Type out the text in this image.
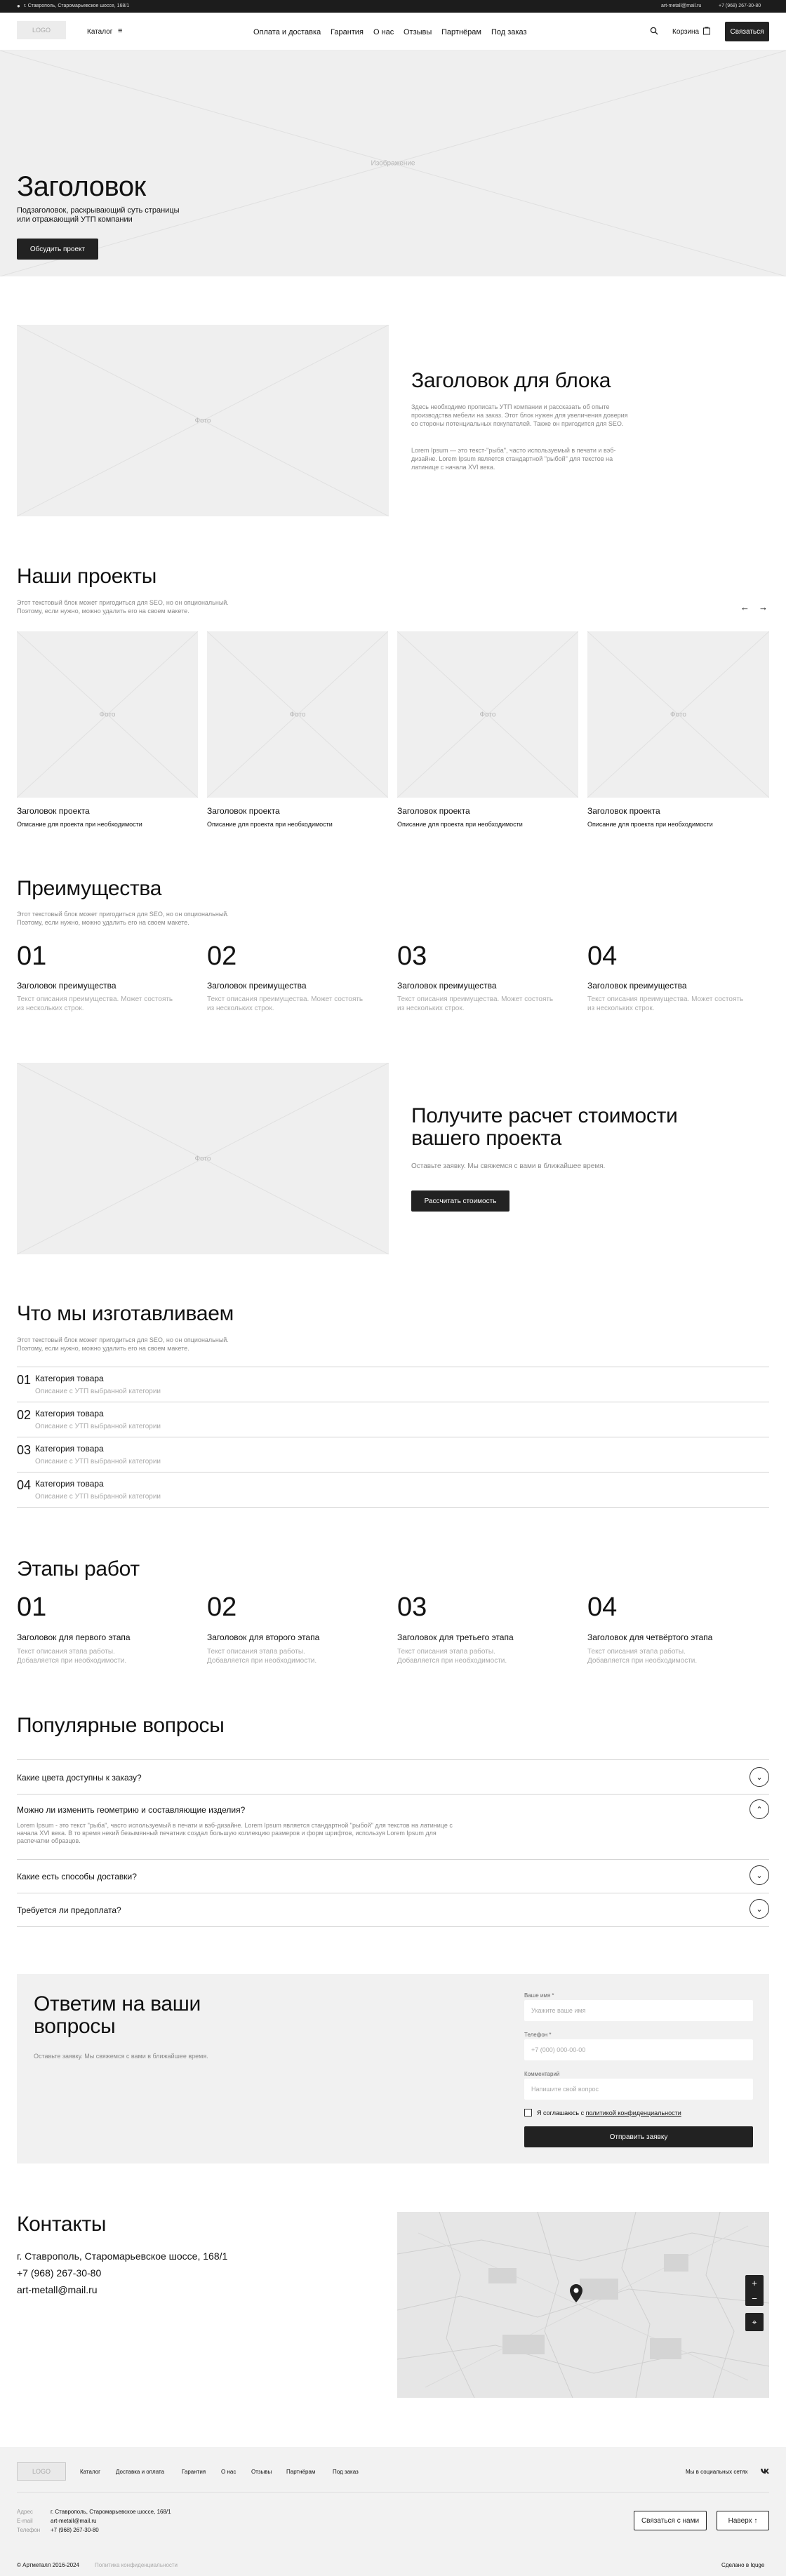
● г. Ставрополь, Старомарьевское шоссе, 168/1	art-metall@mail.ru	+7 (968) 267-30-80
LOGO	Каталог ≡	Оплата и доставка Гарантия О нас Отзывы Партнёрам Под заказ	Корзина	Связаться
Изображение
Заголовок
Подзаголовок, раскрывающий суть страницы
или отражающий УТП компании
Обсудить проект
Фото
Заголовок для блока
Здесь необходимо прописать УТП компании и рассказать об опыте производства мебели на заказ. Этот блок нужен для увеличения доверия со стороны потенциальных покупателей. Также он пригодится для SEO.
Lorem Ipsum — это текст-"рыба", часто используемый в печати и вэб-дизайне. Lorem Ipsum является стандартной "рыбой" для текстов на латинице с начала XVI века.
Наши проекты
Этот текстовый блок может пригодиться для SEO, но он опциональный.
Поэтому, если нужно, можно удалить его на своем макете.	← →
Фото
Заголовок проекта
Описание для проекта при необходимости
Фото
Заголовок проекта
Описание для проекта при необходимости
Фото
Заголовок проекта
Описание для проекта при необходимости
Фото
Заголовок проекта
Описание для проекта при необходимости
Преимущества
Этот текстовый блок может пригодиться для SEO, но он опциональный.
Поэтому, если нужно, можно удалить его на своем макете.
01
Заголовок преимущества
Текст описания преимущества. Может состоять
из нескольких строк.
02
Заголовок преимущества
Текст описания преимущества. Может состоять
из нескольких строк.
03
Заголовок преимущества
Текст описания преимущества. Может состоять
из нескольких строк.
04
Заголовок преимущества
Текст описания преимущества. Может состоять
из нескольких строк.
Фото
Получите расчет стоимости
вашего проекта
Оставьте заявку. Мы свяжемся с вами в ближайшее время.
Рассчитать стоимость
Что мы изготавливаем
Этот текстовый блок может пригодиться для SEO, но он опциональный.
Поэтому, если нужно, можно удалить его на своем макете.
01 Категория товара
Описание с УТП выбранной категории
02 Категория товара
Описание с УТП выбранной категории
03 Категория товара
Описание с УТП выбранной категории
04 Категория товара
Описание с УТП выбранной категории
Этапы работ
01
Заголовок для первого этапа
Текст описания этапа работы.
Добавляется при необходимости.
02
Заголовок для второго этапа
Текст описания этапа работы.
Добавляется при необходимости.
03
Заголовок для третьего этапа
Текст описания этапа работы.
Добавляется при необходимости.
04
Заголовок для четвёртого этапа
Текст описания этапа работы.
Добавляется при необходимости.
Популярные вопросы
Какие цвета доступны к заказу?	⌄
Можно ли изменить геометрию и составляющие изделия?	⌃
Lorem Ipsum - это текст "рыба", часто используемый в печати и вэб-дизайне. Lorem Ipsum является стандартной "рыбой" для текстов на латинице с
начала XVI века. В то время некий безымянный печатник создал большую коллекцию размеров и форм шрифтов, используя Lorem Ipsum для
распечатки образцов.
Какие есть способы доставки?	⌄
Требуется ли предоплата?	⌄
Ответим на ваши
вопросы
Оставьте заявку. Мы свяжемся с вами в ближайшее время.
Ваше имя *
Укажите ваше имя
Телефон *
+7 (000) 000-00-00
Комментарий
Напишите свой вопрос
Я соглашаюсь с политикой конфиденциальности
Отправить заявку
Контакты
г. Ставрополь, Старомарьевское шоссе, 168/1
+7 (968) 267-30-80
art-metall@mail.ru
+
−
⌖
LOGO	Каталог	Доставка и оплата	Гарантия	О нас	Отзывы	Партнёрам	Под заказ	Мы в социальных сетях
Адрес	г. Ставрополь, Старомарьевское шоссе, 168/1
E-mail	art-metall@mail.ru
Телефон +7 (968) 267-30-80
Связаться с нами	Наверх ↑
© Артметалл 2016-2024	Политика конфиденциальности	Сделано в Iquge
